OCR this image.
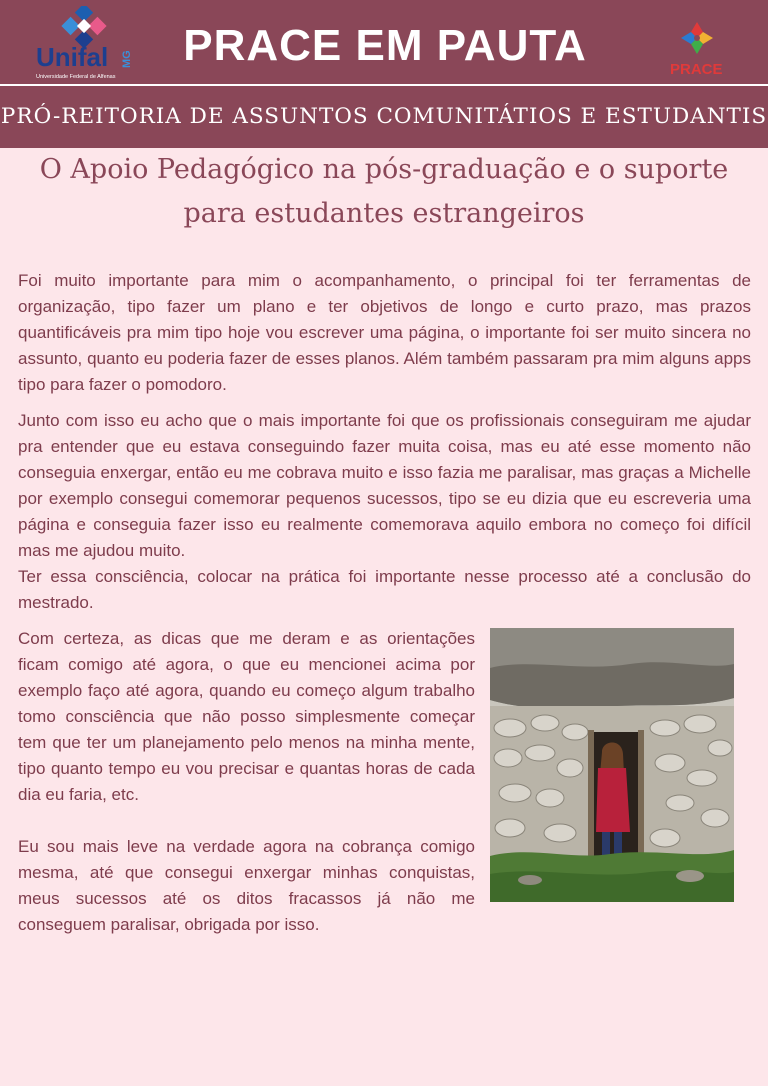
Unifal MG
Universidade Federal de Alfenas
PRACE EM PAUTA	PRACE
PRÓ-REITORIA DE ASSUNTOS COMUNITÁTIOS E ESTUDANTIS
O Apoio Pedagógico na pós-graduação e o suporte para estudantes estrangeiros

Foi muito importante para mim o acompanhamento, o principal foi ter ferramentas de organização, tipo fazer um plano e ter objetivos de longo e curto prazo, mas prazos quantificáveis pra mim tipo hoje vou escrever uma página, o importante foi ser muito sincera no assunto, quanto eu poderia fazer de esses planos. Além também passaram pra mim alguns apps tipo para fazer o pomodoro.

Junto com isso eu acho que o mais importante foi que os profissionais conseguiram me ajudar pra entender que eu estava conseguindo fazer muita coisa, mas eu até esse momento não conseguia enxergar, então eu me cobrava muito e isso fazia me paralisar, mas graças a Michelle por exemplo consegui comemorar pequenos sucessos, tipo se eu dizia que eu escreveria uma página e conseguia fazer isso eu realmente comemorava aquilo embora no começo foi difícil mas me ajudou muito.

Ter essa consciência, colocar na prática foi importante nesse processo até a conclusão do mestrado.

Com certeza, as dicas que me deram e as orientações ficam comigo até agora, o que eu mencionei acima por exemplo faço até agora, quando eu começo algum trabalho tomo consciência que não posso simplesmente começar tem que ter um planejamento pelo menos na minha mente, tipo quanto tempo eu vou precisar e quantas horas de cada dia eu faria, etc.

Eu sou mais leve na verdade agora na cobrança comigo mesma, até que consegui enxergar minhas conquistas, meus sucessos até os ditos fracassos já não me conseguem paralisar, obrigada por isso.
